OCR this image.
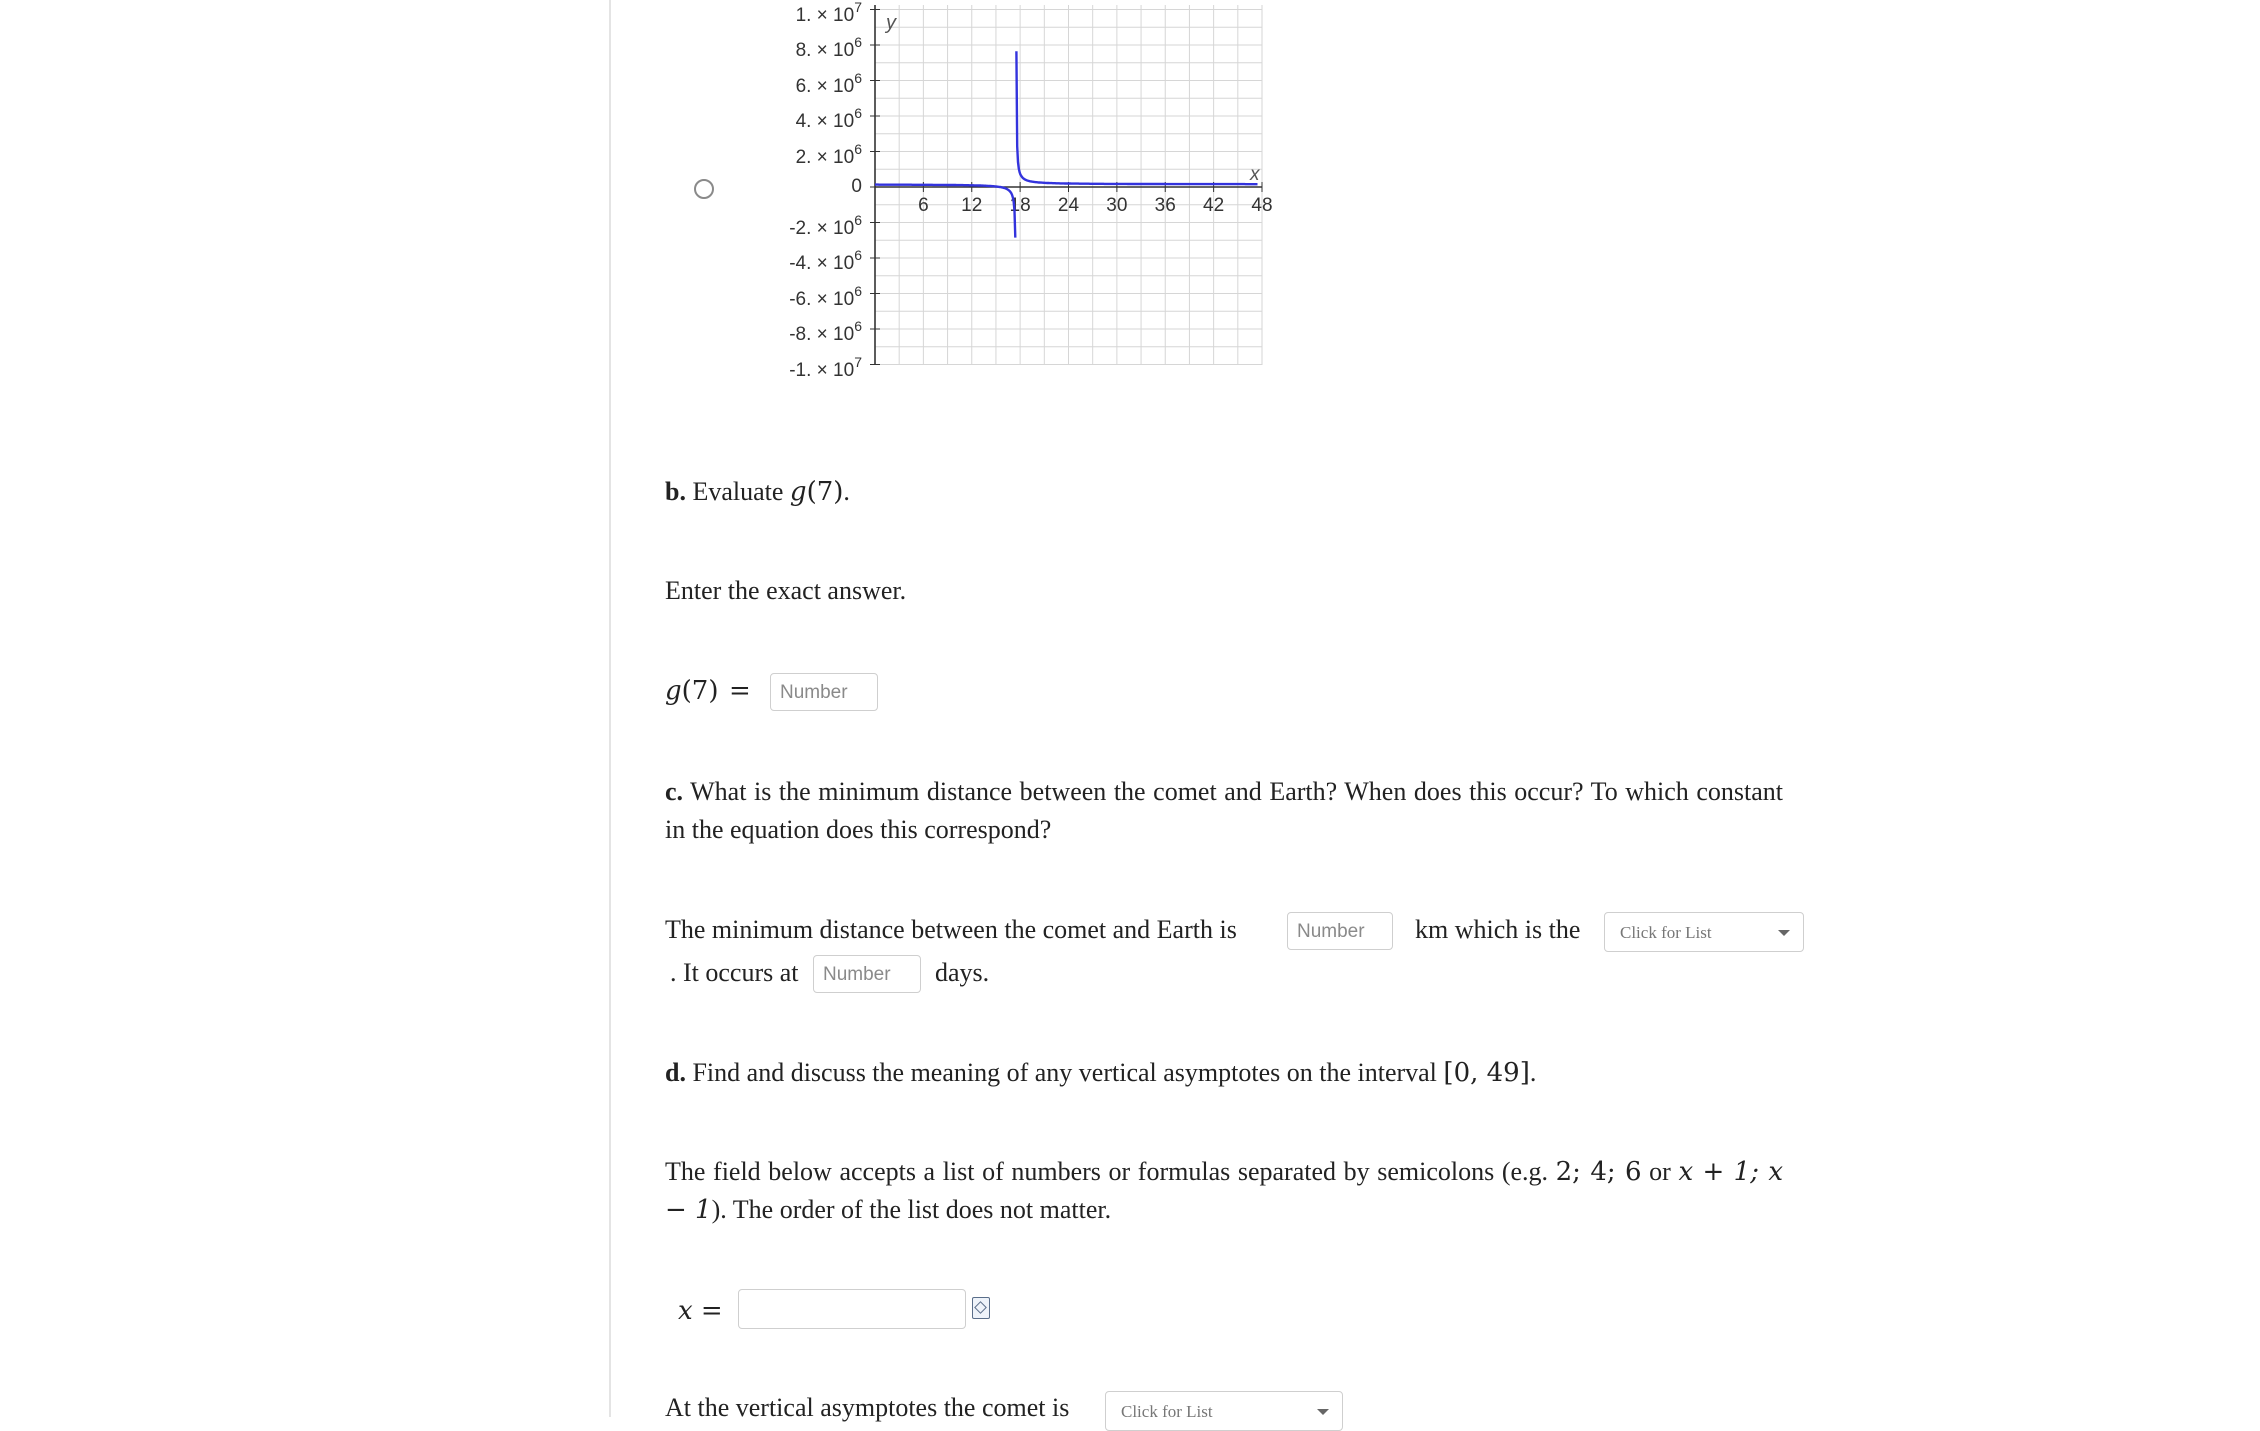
1. × $10^7$
8. × $10^6$
6. × $10^6$
4. × $10^6$
2. × $10^6$
0
-2. × $10^6$
-4. × $10^6$
-6. × $10^6$
-8. × $10^6$
-1. × $10^7$
6 12 18 24 30 36 42 48
y
x
b. Evaluate g(7).
Enter the exact answer.
g(7) =	Number
c. What is the minimum distance between the comet and Earth? When does this occur? To which constant in the equation does this correspond?
The minimum distance between the comet and Earth is	Number	km which is the	Click for List
. It occurs at	Number	days.
d. Find and discuss the meaning of any vertical asymptotes on the interval [0, 49].
The field below accepts a list of numbers or formulas separated by semicolons (e.g. 2; 4; 6 or x + 1; x − 1). The order of the list does not matter.
x =
At the vertical asymptotes the comet is	Click for List
